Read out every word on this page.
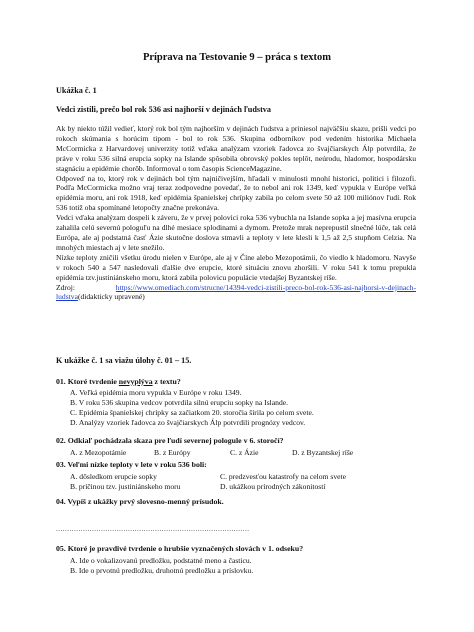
Príprava na Testovanie 9 – práca s textom
Ukážka č. 1
Vedci zistili, prečo bol rok 536 asi najhorší v dejinách ľudstva

Ak by niekto túžil vedieť, ktorý rok bol tým najhorším v dejinách ľudstva a priniesol najväčšiu skazu, prišli vedci po rokoch skúmania s horúcim tipom - bol to rok 536. Skupina odborníkov pod vedením historika Michaela McCormicka z Harvardovej univerzity totiž vďaka analýzam vzoriek ľadovca zo švajčiarskych Álp potvrdila, že práve v roku 536 silná erupcia sopky na Islande spôsobila obrovský pokles teplôt, neúrodu, hladomor, hospodársku stagnáciu a epidémie chorôb. Informoval o tom časopis ScienceMagazine.

Odpoveď na to, ktorý rok v dejinách bol tým najničivejším, hľadali v minulosti mnohí historici, politici i filozofi. Podľa McCormicka možno vraj teraz zodpovedne povedať, že to nebol ani rok 1349, keď vypukla v Európe veľká epidémia moru, ani rok 1918, keď epidémia španielskej chrípky zabila po celom svete 50 až 100 miliónov ľudí. Rok 536 totiž oba spomínané letopočty značne prekonáva.

Vedci vďaka analýzam dospeli k záveru, že v prvej polovici roka 536 vybuchla na Islande sopka a jej masívna erupcia zahalila celú severnú pologuľu na dlhé mesiace splodinami a dymom. Pretože mrak neprepustil slnečné lúče, tak celá Európa, ale aj podstatná časť Ázie skutočne doslova stmavli a teploty v lete klesli k 1,5 až 2,5 stupňom Celzia. Na mnohých miestach aj v lete snežilo.

Nízke teploty zničili všetku úrodu nielen v Európe, ale aj v Číne alebo Mezopotámii, čo viedlo k hladomoru. Navyše v rokoch 540 a 547 nasledovali ďalšie dve erupcie, ktoré situáciu znovu zhoršili. V roku 541 k tomu prepukla epidémia tzv.justiniánskeho moru, ktorá zabila polovicu populácie vtedajšej Byzantskej ríše.

Zdroj: https://www.omediach.com/strucne/14394-vedci-zistili-preco-bol-rok-536-asi-najhorsi-v-dejinach-ludstva(didakticky upravené)

K ukážke č. 1 sa viažu úlohy č. 01 – 15.
01. Ktoré tvrdenie nevyplýva z textu?
A. Veľká epidémia moru vypukla v Európe v roku 1349.
B. V roku 536 skupina vedcov potvrdila silnú erupciu sopky na Islande.
C. Epidémia španielskej chrípky sa začiatkom 20. storočia šírila po celom svete.
D. Analýzy vzoriek ľadovca zo švajčiarskych Álp potvrdili prognózy vedcov.
02. Odkiaľ pochádzala skaza pre ľudí severnej pologule v 6. storočí?
A. z Mezopotámie	B. z Európy	C. z Ázie	D. z Byzantskej ríše
03. Veľmi nízke teploty v lete v roku 536 boli:
A. dôsledkom erupcie sopky	C. predzvesťou katastrofy na celom svete
B. príčinou tzv. justiniánskeho moru	D. ukážkou prírodných zákonitostí
04. Vypíš z ukážky prvý slovesno-menný prísudok.
......................................................................................
05. Ktoré je pravdivé tvrdenie o hrubšie vyznačených slovách v 1. odseku?
A. Ide o vokalizovanú predložku, podstatné meno a časticu.
B. Ide o prvotnú predložku, druhotnú predložku a príslovku.
